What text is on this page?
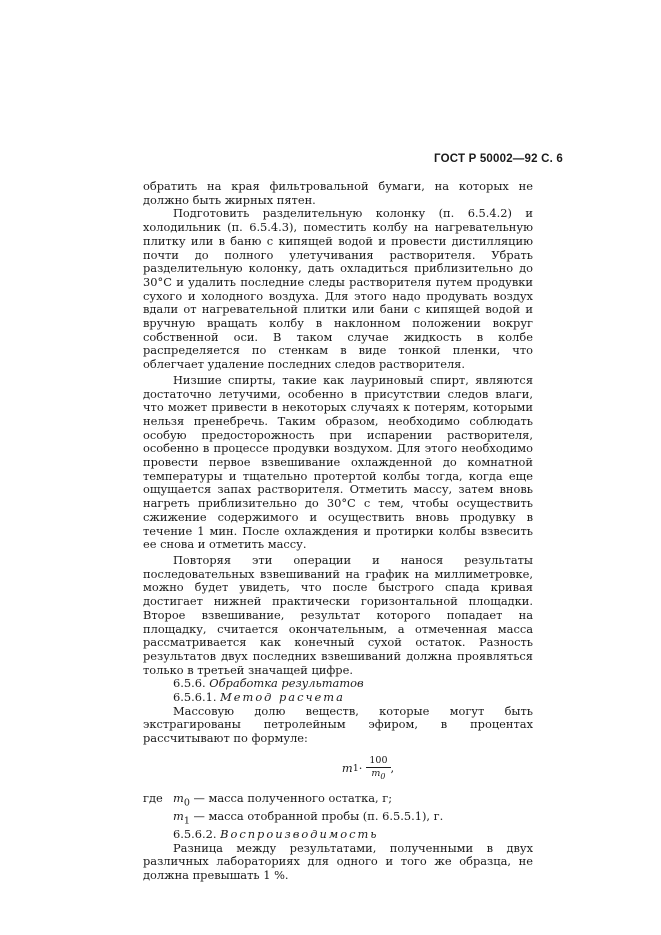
ГОСТ Р 50002—92 С. 6

обратить на края фильтровальной бумаги, на которых не должно быть жирных пятен.

Подготовить разделительную колонку (п. 6.5.4.2) и холодильник (п. 6.5.4.3), поместить колбу на нагревательную плитку или в баню с кипящей водой и провести дистилляцию почти до полного улетучивания растворителя. Убрать разделительную колонку, дать охладиться приблизительно до 30°С и удалить последние следы растворителя путем продувки сухого и холодного воздуха. Для этого надо продувать воздух вдали от нагревательной плитки или бани с кипящей водой и вручную вращать колбу в наклонном положении вокруг собственной оси. В таком случае жидкость в колбе распределяется по стенкам в виде тонкой пленки, что облегчает удаление последних следов растворителя.

Низшие спирты, такие как лауриновый спирт, являются достаточно летучими, особенно в присутствии следов влаги, что может привести в некоторых случаях к потерям, которыми нельзя пренебречь. Таким образом, необходимо соблюдать особую предосторожность при испарении растворителя, особенно в процессе продувки воздухом. Для этого необходимо провести первое взвешивание охлажденной до комнатной температуры и тщательно протертой колбы тогда, когда еще ощущается запах растворителя. Отметить массу, затем вновь нагреть приблизительно до 30°С с тем, чтобы осуществить сжижение содержимого и осуществить вновь продувку в течение 1 мин. После охлаждения и протирки колбы взвесить ее снова и отметить массу.

Повторяя эти операции и нанося результаты последовательных взвешиваний на график на миллиметровке, можно будет увидеть, что после быстрого спада кривая достигает нижней практически горизонтальной площадки. Второе взвешивание, результат которого попадает на площадку, считается окончательным, а отмеченная масса рассматривается как конечный сухой остаток. Разность результатов двух последних взвешиваний должна проявляться только в третьей значащей цифре.

6.5.6. Обработка результатов

6.5.6.1. Метод расчета

Массовую долю веществ, которые могут быть экстрагированы петролейным эфиром, в процентах рассчитывают по формуле:

m $1 \cdot \frac{100}{m_0}$ ,
где $m_0$ — масса полученного остатка, г;
$m_1$ — масса отобранной пробы (п. 6.5.5.1), г.

6.5.6.2. Воспроизводимость

Разница между результатами, полученными в двух различных лабораториях для одного и того же образца, не должна превышать 1 %.
